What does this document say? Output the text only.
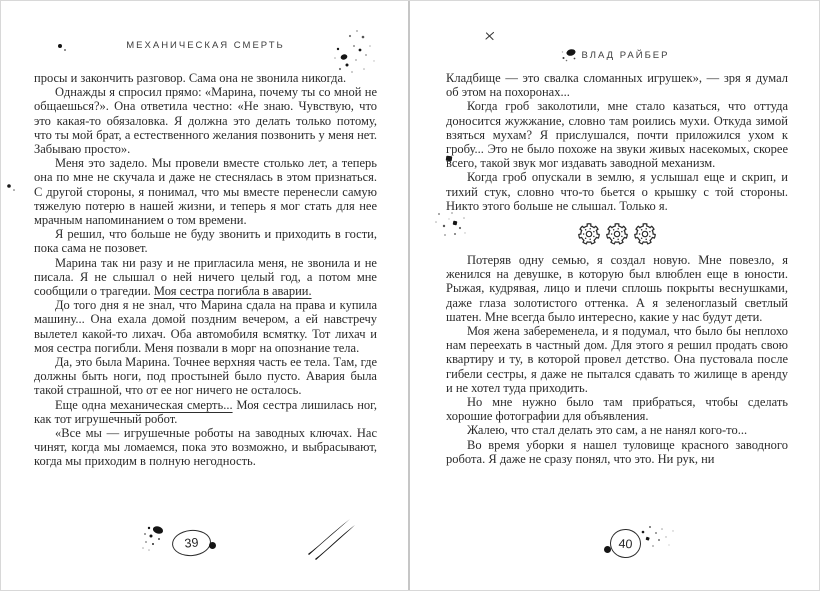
МЕХАНИЧЕСКАЯ СМЕРТЬ

просы и закончить разговор. Сама она не звонила никогда.

Однажды я спросил прямо: «Марина, почему ты со мной не общаешься?». Она ответила честно: «Не знаю. Чувствую, что это какая-то обязаловка. Я должна это делать только потому, что ты мой брат, а естественного желания позвонить у меня нет. Забываю просто».

Меня это задело. Мы провели вместе столько лет, а теперь она по мне не скучала и даже не стеснялась в этом признаться. С другой стороны, я понимал, что мы вместе перенесли самую тяжелую потерю в нашей жизни, и теперь я мог стать для нее мрачным напоминанием о том времени.

Я решил, что больше не буду звонить и приходить в гости, пока сама не позовет.

Марина так ни разу и не пригласила меня, не звонила и не писала. Я не слышал о ней ничего целый год, а потом мне сообщили о трагедии. Моя сестра погибла в аварии.

До того дня я не знал, что Марина сдала на права и купила машину... Она ехала домой поздним вечером, а ей навстречу вылетел какой-то лихач. Оба автомобиля всмятку. Тот лихач и моя сестра погибли. Меня позвали в морг на опознание тела.

Да, это была Марина. Точнее верхняя часть ее тела. Там, где должны быть ноги, под простыней было пусто. Авария была такой страшной, что от ее ног ничего не осталось.

Еще одна механическая смерть... Моя сестра лишилась ног, как тот игрушечный робот.

«Все мы — игрушечные роботы на заводных ключах. Нас чинят, когда мы ломаемся, пока это возможно, и выбрасывают, когда мы приходим в полную негодность.

39
ВЛАД РАЙБЕР

Кладбище — это свалка сломанных игрушек», — зря я думал об этом на похоронах...

Когда гроб заколотили, мне стало казаться, что оттуда доносится жужжание, словно там роились мухи. Откуда зимой взяться мухам? Я прислушался, почти приложился ухом к гробу... Это не было похоже на звуки живых насекомых, скорее всего, такой звук мог издавать заводной механизм.

Когда гроб опускали в землю, я услышал еще и скрип, и тихий стук, словно что-то бьется о крышку с той стороны. Никто этого больше не слышал. Только я.

Потеряв одну семью, я создал новую. Мне повезло, я женился на девушке, в которую был влюблен еще в юности. Рыжая, кудрявая, лицо и плечи сплошь покрыты веснушками, даже глаза золотистого оттенка. А я зеленоглазый светлый шатен. Мне всегда было интересно, какие у нас будут дети.

Моя жена забеременела, и я подумал, что было бы неплохо нам переехать в частный дом. Для этого я решил продать свою квартиру и ту, в которой провел детство. Она пустовала после гибели сестры, я даже не пытался сдавать то жилище в аренду и не хотел туда приходить.

Но мне нужно было там прибраться, чтобы сделать хорошие фотографии для объявления.

Жалею, что стал делать это сам, а не нанял кого-то...

Во время уборки я нашел туловище красного заводного робота. Я даже не сразу понял, что это. Ни рук, ни

40
